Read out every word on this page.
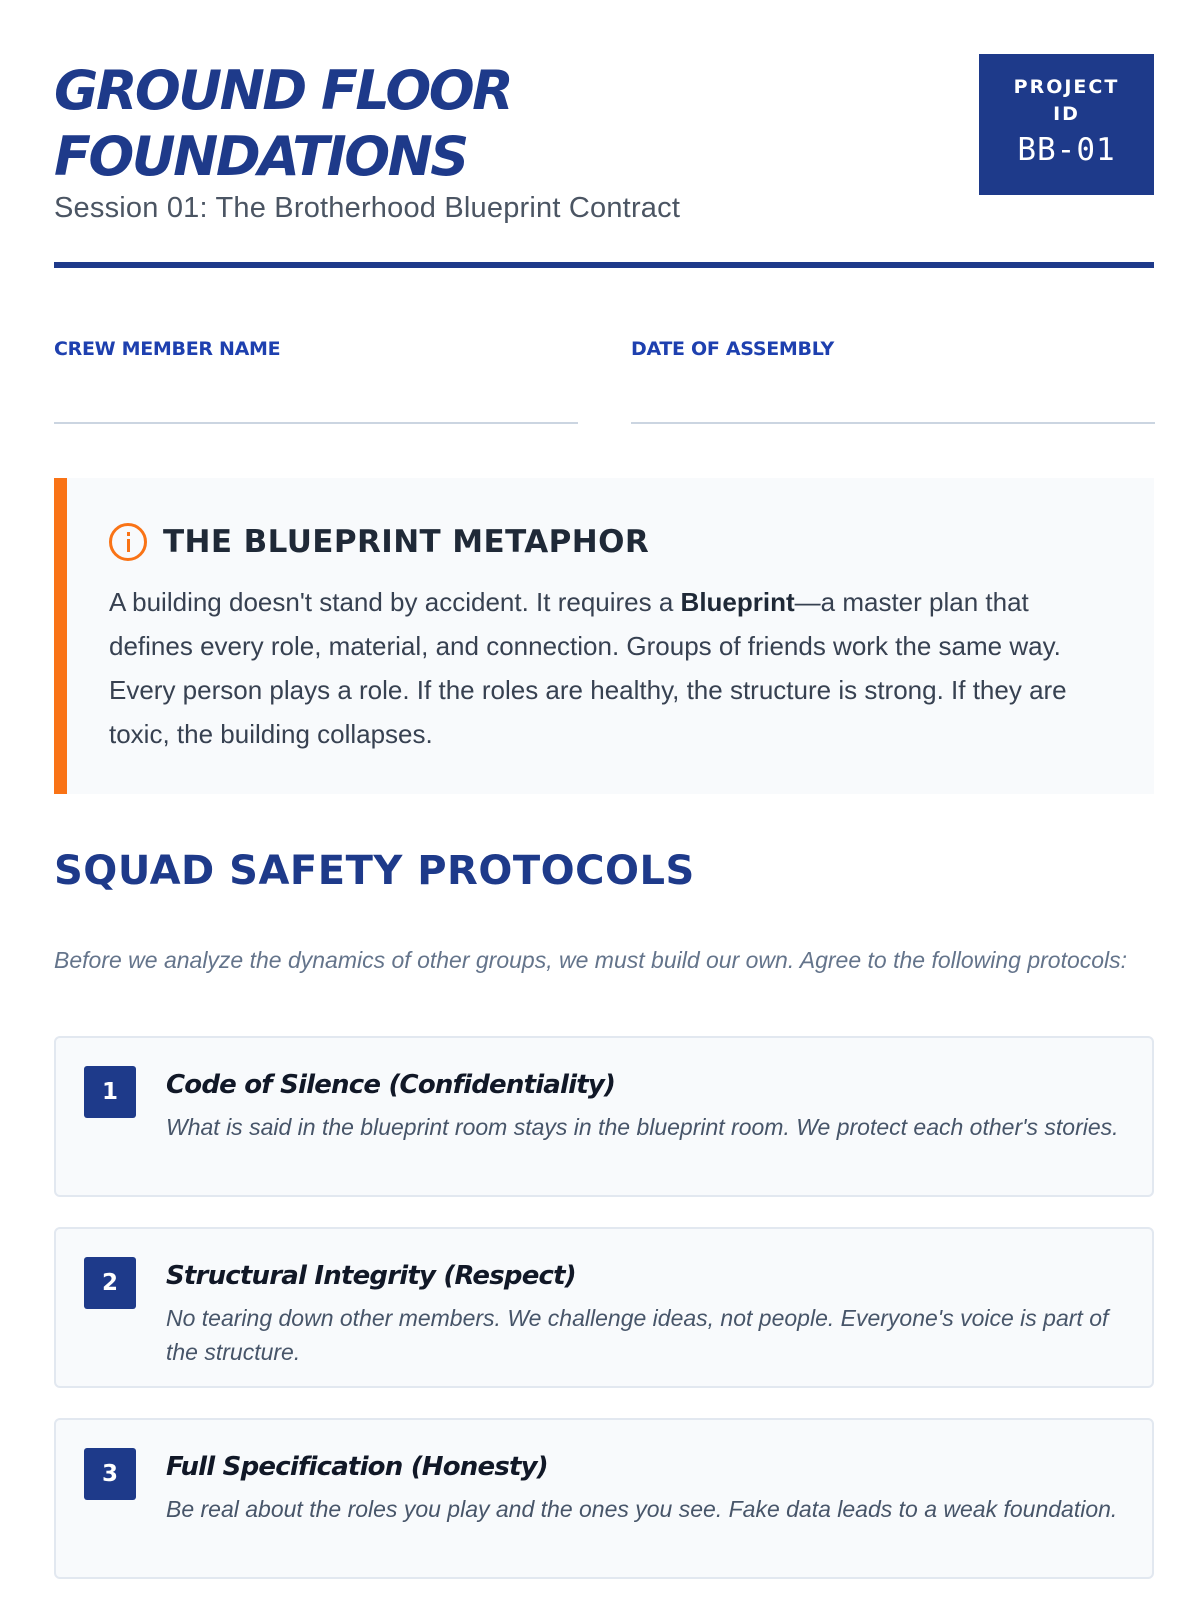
GROUND FLOOR
FOUNDATIONS
Session 01: The Brotherhood Blueprint Contract
PROJECT ID
BB-01
CREW MEMBER NAME	DATE OF ASSEMBLY
THE BLUEPRINT METAPHOR

A building doesn't stand by accident. It requires a Blueprint—a master plan that defines every role, material, and connection. Groups of friends work the same way. Every person plays a role. If the roles are healthy, the structure is strong. If they are toxic, the building collapses.

SQUAD SAFETY PROTOCOLS

Before we analyze the dynamics of other groups, we must build our own. Agree to the following protocols:

1	Code of Silence (Confidentiality)
What is said in the blueprint room stays in the blueprint room. We protect each other's stories.
2	Structural Integrity (Respect)
No tearing down other members. We challenge ideas, not people. Everyone's voice is part of the structure.
3	Full Specification (Honesty)
Be real about the roles you play and the ones you see. Fake data leads to a weak foundation.
